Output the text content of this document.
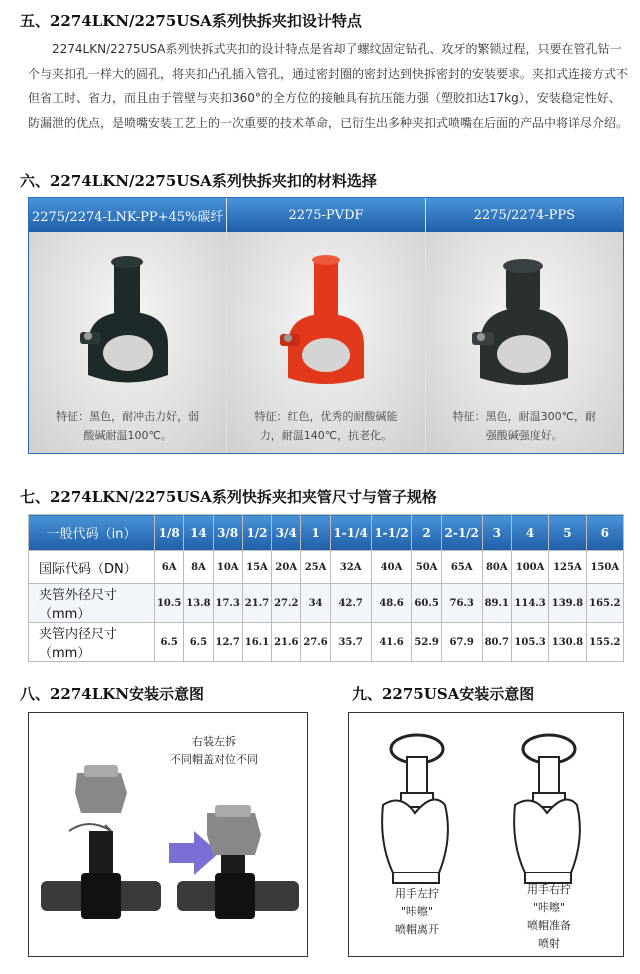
五、2274LKN/2275USA系列快拆夹扣设计特点
2274LKN/2275USA系列快拆式夹扣的设计特点是省却了螺纹固定钻孔、攻牙的繁锁过程，只要在管孔钻一个与夹扣孔一样大的圆孔，将夹扣凸孔插入管孔，通过密封圈的密封达到快拆密封的安装要求。夹扣式连接方式不但省工时、省力，而且由于管壁与夹扣360°的全方位的接触具有抗压能力强（塑胶扣达17kg），安装稳定性好、防漏泄的优点，是喷嘴安装工艺上的一次重要的技术革命，已衍生出多种夹扣式喷嘴在后面的产品中将详尽介绍。
六、2274LKN/2275USA系列快拆夹扣的材料选择
2275/2274-LNK-PP+45%碳纤
特征：黑色，耐冲击力好，弱酸碱耐温100℃。
2275-PVDF
特征：红色，优秀的耐酸碱能力，耐温140℃，抗老化。
2275/2274-PPS
特征：黑色，耐温300℃，耐强酸碱强度好。
七、2274LKN/2275USA系列快拆夹扣夹管尺寸与管子规格
一般代码（in）	1/8	14	3/8	1/2	3/4	1	1-1/4	1-1/2	2	2-1/2	3	4	5	6
国际代码（DN）	6A	8A	10A	15A	20A	25A	32A	40A	50A	65A	80A	100A	125A	150A
夹管外径尺寸（mm）	10.5	13.8	17.3	21.7	27.2	34	42.7	48.6	60.5	76.3	89.1	114.3	139.8	165.2
夹管内径尺寸（mm）	6.5	6.5	12.7	16.1	21.6	27.6	35.7	41.6	52.9	67.9	80.7	105.3	130.8	155.2
八、2274LKN安装示意图
右装左拆
不同帽盖对位不同
九、2275USA安装示意图
用手左拧
"咔嚓"
喷帽离开
用手右拧
"咔嚓"
喷帽准备
喷射
